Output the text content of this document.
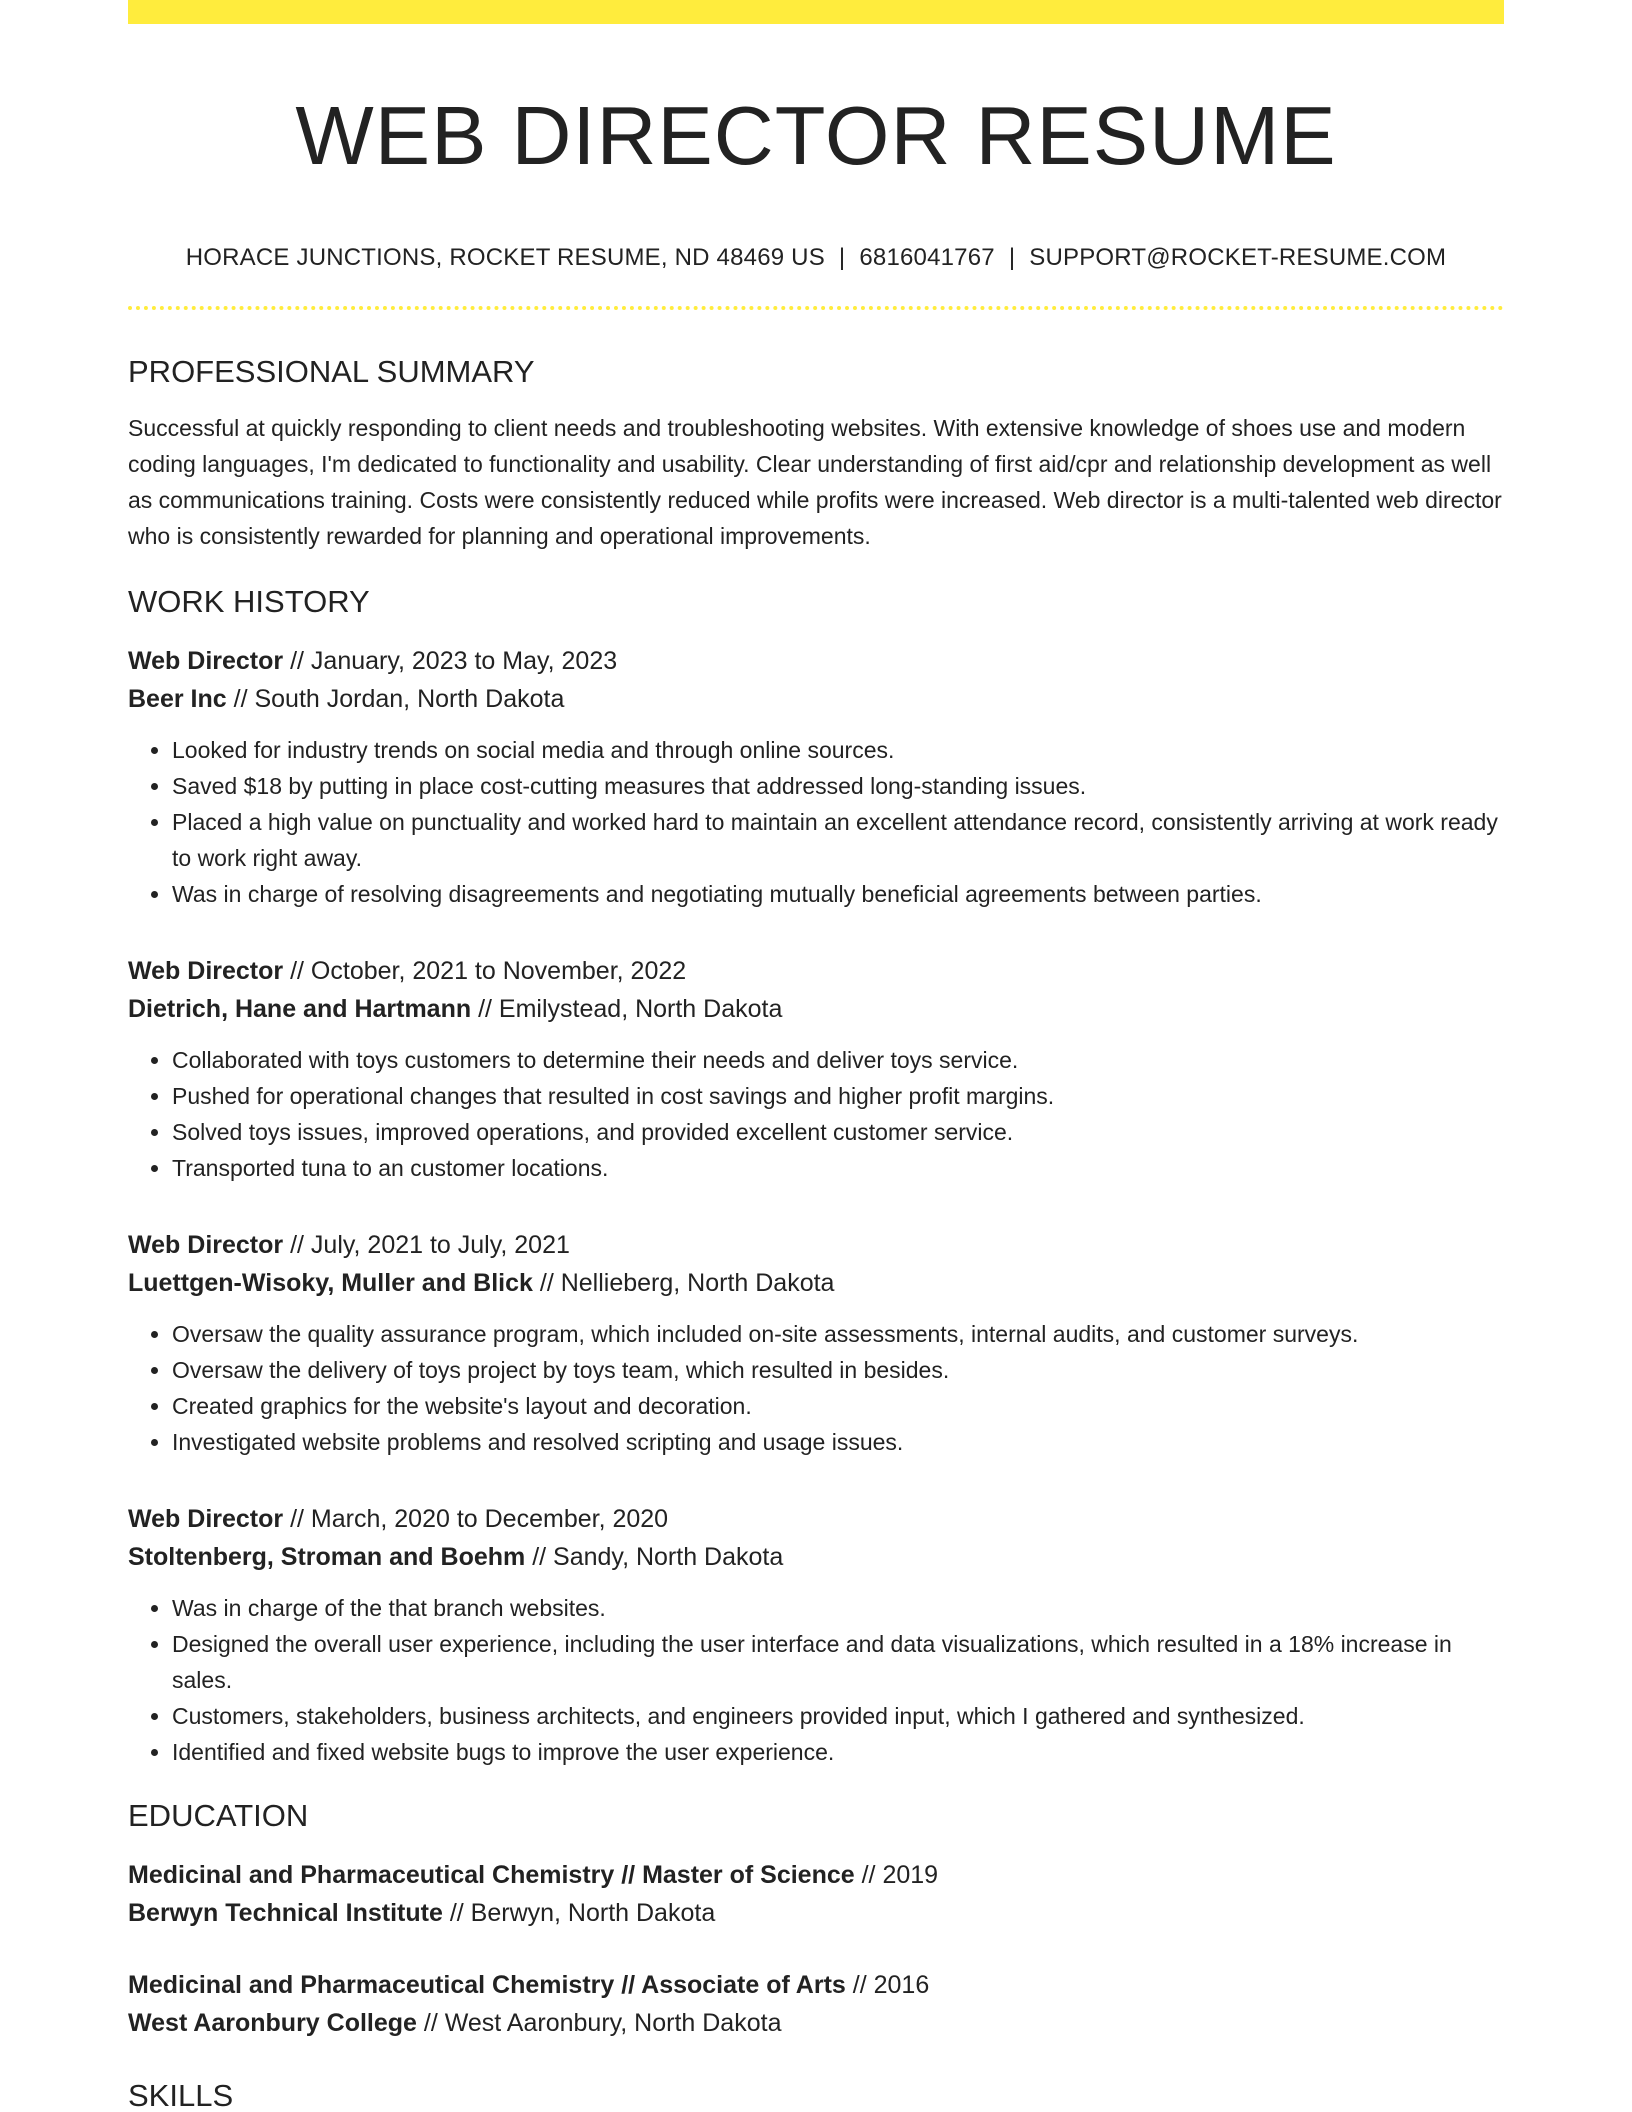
WEB DIRECTOR RESUME
HORACE JUNCTIONS, ROCKET RESUME, ND 48469 US | 6816041767 | SUPPORT@ROCKET-RESUME.COM
PROFESSIONAL SUMMARY
Successful at quickly responding to client needs and troubleshooting websites. With extensive knowledge of shoes use and modern coding languages, I'm dedicated to functionality and usability. Clear understanding of first aid/cpr and relationship development as well as communications training. Costs were consistently reduced while profits were increased. Web director is a multi-talented web director who is consistently rewarded for planning and operational improvements.
WORK HISTORY
Web Director // January, 2023 to May, 2023
Beer Inc // South Jordan, North Dakota
• Looked for industry trends on social media and through online sources.
• Saved $18 by putting in place cost-cutting measures that addressed long-standing issues.
• Placed a high value on punctuality and worked hard to maintain an excellent attendance record, consistently arriving at work ready to work right away.
• Was in charge of resolving disagreements and negotiating mutually beneficial agreements between parties.
Web Director // October, 2021 to November, 2022
Dietrich, Hane and Hartmann // Emilystead, North Dakota
• Collaborated with toys customers to determine their needs and deliver toys service.
• Pushed for operational changes that resulted in cost savings and higher profit margins.
• Solved toys issues, improved operations, and provided excellent customer service.
• Transported tuna to an customer locations.
Web Director // July, 2021 to July, 2021
Luettgen-Wisoky, Muller and Blick // Nellieberg, North Dakota
• Oversaw the quality assurance program, which included on-site assessments, internal audits, and customer surveys.
• Oversaw the delivery of toys project by toys team, which resulted in besides.
• Created graphics for the website's layout and decoration.
• Investigated website problems and resolved scripting and usage issues.
Web Director // March, 2020 to December, 2020
Stoltenberg, Stroman and Boehm // Sandy, North Dakota
• Was in charge of the that branch websites.
• Designed the overall user experience, including the user interface and data visualizations, which resulted in a 18% increase in sales.
• Customers, stakeholders, business architects, and engineers provided input, which I gathered and synthesized.
• Identified and fixed website bugs to improve the user experience.
EDUCATION
Medicinal and Pharmaceutical Chemistry // Master of Science // 2019
Berwyn Technical Institute // Berwyn, North Dakota
Medicinal and Pharmaceutical Chemistry // Associate of Arts // 2016
West Aaronbury College // West Aaronbury, North Dakota
SKILLS
